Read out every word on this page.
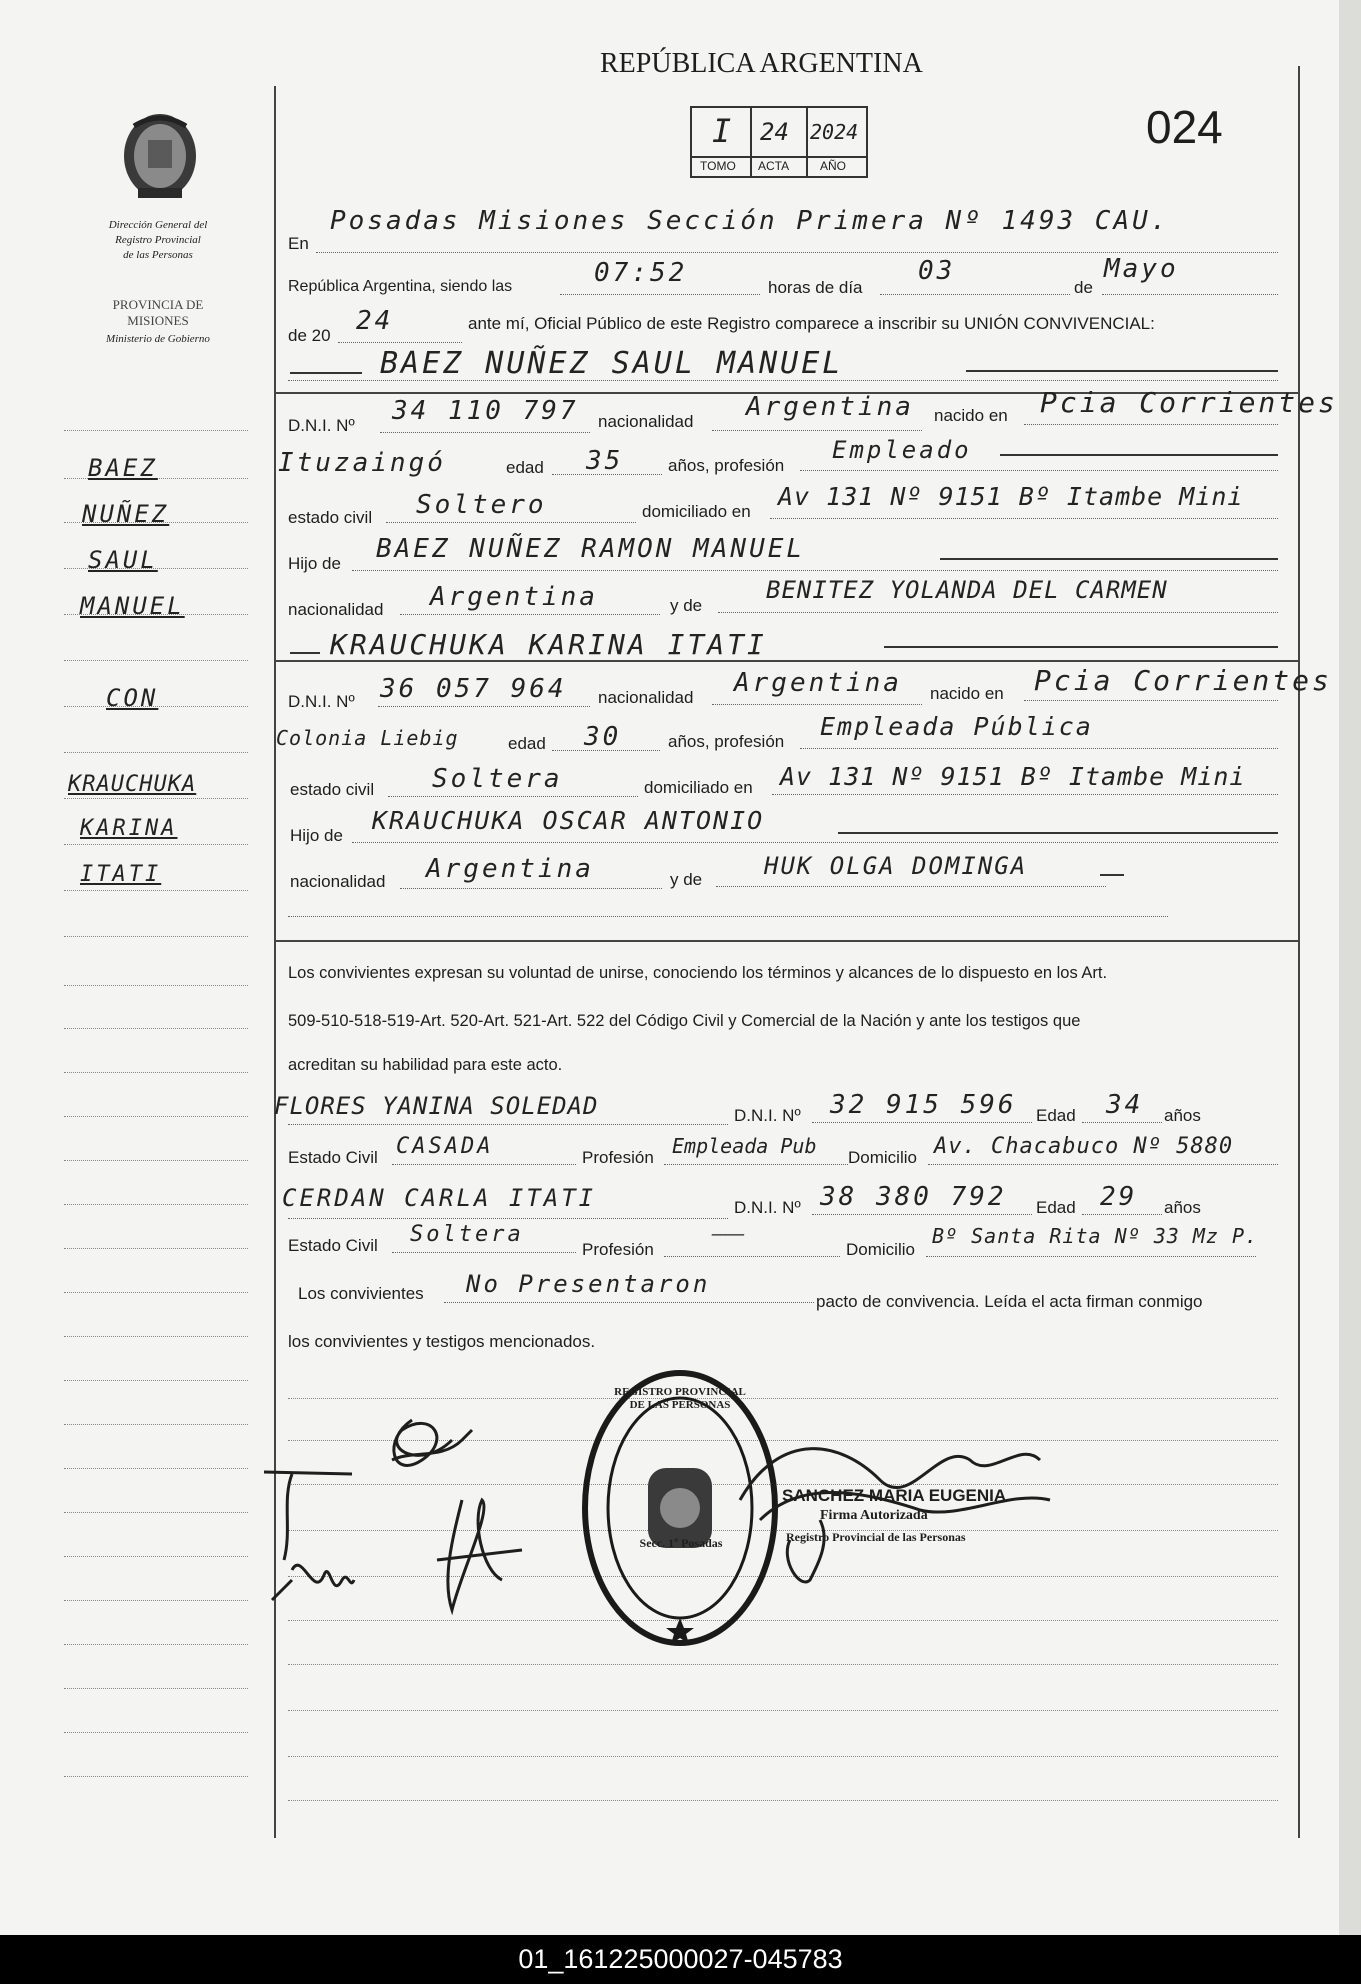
REPÚBLICA ARGENTINA
024
I 24 2024
TOMO ACTA	AÑO
Dirección General del
Registro Provincial
de las Personas
PROVINCIA DE
MISIONES
Ministerio de Gobierno
BAEZ
NUÑEZ
SAUL
MANUEL
CON
KRAUCHUKA
KARINA
ITATI
En
Posadas Misiones Sección Primera Nº 1493 CAU.
República Argentina, siendo las	07:52	horas de día
03
de
Mayo
de 20 24	ante mí, Oficial Público de este Registro comparece a inscribir su UNIÓN CONVIVENCIAL:
BAEZ NUÑEZ SAUL MANUEL
D.N.I. Nº 34 110 797 nacionalidad Argentina nacido en Pcia Corrientes
Ituzaingó	edad 35	años, profesión
Empleado
estado civil Soltero	domiciliado en
Av 131 Nº 9151 Bº Itambe Mini
Hijo de BAEZ NUÑEZ RAMON MANUEL
nacionalidad Argentina	y de
BENITEZ YOLANDA DEL CARMEN
KRAUCHUKA KARINA ITATI
D.N.I. Nº 36 057 964 nacionalidad Argentina nacido en Pcia Corrientes
Colonia Liebig	edad 30	años, profesión
Empleada Pública
estado civil Soltera	domiciliado en Av 131 Nº 9151 Bº Itambe Mini
Hijo de
KRAUCHUKA OSCAR ANTONIO
nacionalidad Argentina	y de	HUK OLGA DOMINGA
Los convivientes expresan su voluntad de unirse, conociendo los términos y alcances de lo dispuesto en los Art.
509-510-518-519-Art. 520-Art. 521-Art. 522 del Código Civil y Comercial de la Nación y ante los testigos que
acreditan su habilidad para este acto.
FLORES YANINA SOLEDAD	D.N.I. Nº 32 915 596 Edad 34 años
Estado Civil CASADA	Profesión Empleada Pub Domicilio Av. Chacabuco Nº 5880
CERDAN CARLA ITATI	D.N.I. Nº 38 380 792 Edad 29 años
Estado Civil Soltera
Profesión
———
Domicilio
Bº Santa Rita Nº 33 Mz P.
Los convivientes No Presentaron
pacto de convivencia. Leída el acta firman conmigo
los convivientes y testigos mencionados.
REGISTRO PROVINCIAL DE LAS PERSONAS
Secc. 1º Posadas
SANCHEZ MARIA EUGENIA
Firma Autorizada
Registro Provincial de las Personas
01_161225000027-045783
